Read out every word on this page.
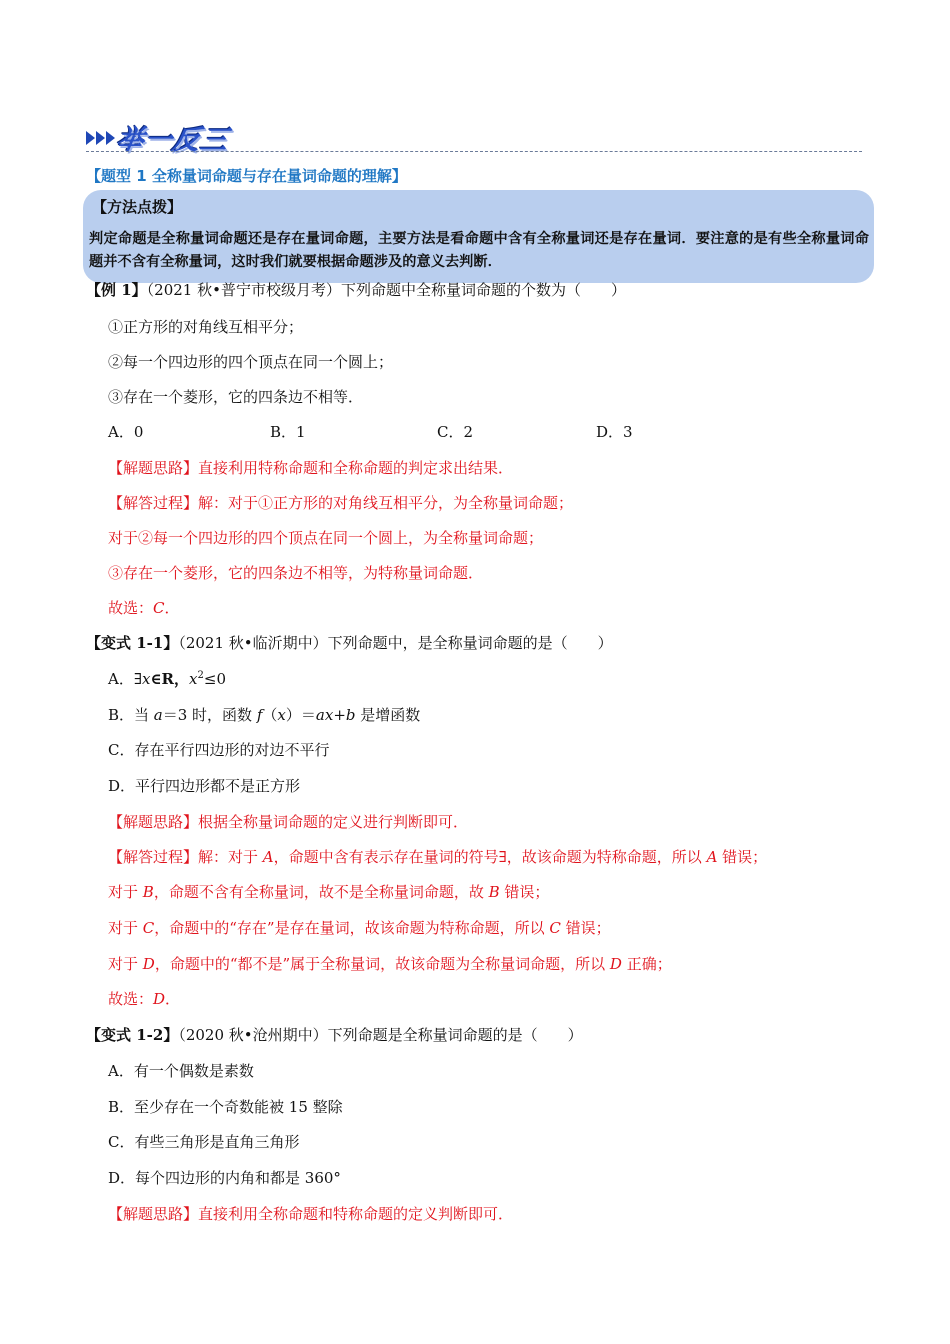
举一反三
【题型 1 全称量词命题与存在量词命题的理解】
【方法点拨】
判定命题是全称量词命题还是存在量词命题，主要方法是看命题中含有全称量词还是存在量词．要注意的是有些全称量词命题并不含有全称量词，这时我们就要根据命题涉及的意义去判断．
【例 1】（2021 秋•普宁市校级月考）下列命题中全称量词命题的个数为（　　）
①正方形的对角线互相平分；
②每一个四边形的四个顶点在同一个圆上；
③存在一个菱形，它的四条边不相等．
A．0	B．1	C．2	D．3
【解题思路】直接利用特称命题和全称命题的判定求出结果．
【解答过程】解：对于①正方形的对角线互相平分，为全称量词命题；
对于②每一个四边形的四个顶点在同一个圆上，为全称量词命题；
③存在一个菱形，它的四条边不相等，为特称量词命题．
故选：C．
【变式 1-1】（2021 秋•临沂期中）下列命题中，是全称量词命题的是（　　）
A．∃x∈R，$x^2\le 0$
B．当 a＝3 时，函数 f（x）＝ax+b 是增函数
C．存在平行四边形的对边不平行
D．平行四边形都不是正方形
【解题思路】根据全称量词命题的定义进行判断即可．
【解答过程】解：对于 A，命题中含有表示存在量词的符号∃，故该命题为特称命题，所以 A 错误；
对于 B，命题不含有全称量词，故不是全称量词命题，故 B 错误；
对于 C，命题中的“存在”是存在量词，故该命题为特称命题，所以 C 错误；
对于 D，命题中的“都不是”属于全称量词，故该命题为全称量词命题，所以 D 正确；
故选：D．
【变式 1-2】（2020 秋•沧州期中）下列命题是全称量词命题的是（　　）
A．有一个偶数是素数
B．至少存在一个奇数能被 15 整除
C．有些三角形是直角三角形
D．每个四边形的内角和都是 360°
【解题思路】直接利用全称命题和特称命题的定义判断即可．
